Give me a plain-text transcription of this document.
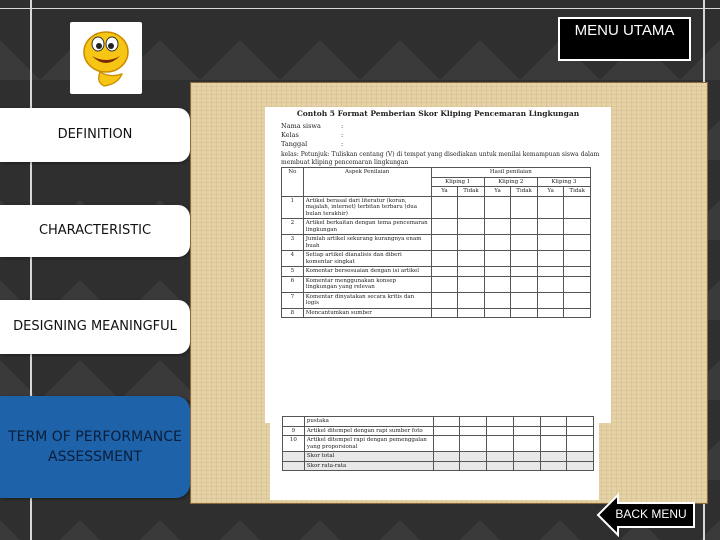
MENU UTAMA
DEFINITION
CHARACTERISTIC
DESIGNING MEANINGFUL
TERM OF PERFORMANCE ASSESSMENT
Contoh 5 Format Pemberian Skor Kliping Pencemaran Lingkungan
Nama siswa	:
Kelas	:
Tanggal	:
kelas: Petunjuk: Tuliskan centang (V) di tempat yang disediakan untuk menilai kemampuan siswa dalam membuat kliping pencemaran lingkungan
No	Aspek Penilaian	Hasil penilaian					
		Kliping 1		Kliping 2		Kliping 3	
		Ya	Tidak	Ya	Tidak	Ya	Tidak
1	Artikel berasal dari literatur (koran, majalah, internet) terbitan terbaru (dua bulan terakhir)						
2	Artikel berkaitan dengan tema pencemaran lingkungan						
3	Jumlah artikel sekurang kurangnya enam buah						
4	Setiap artikel dianalisis dan diberi komentar singkat						
5	Komentar bersesuaian dengan isi artikel						
6	Komentar menggunakan konsep lingkungan yang relevan						
7	Komentar dinyatakan secara kritis dan logis						
8	Mencantumkan sumber						
	pustaka						
9	Artikel ditempel dengan rapi sumber foto						
10	Artikel ditempel rapi dengan pemenggalan yang proporsional						
	Skor total						
	Skor rata-rata						
BACK MENU
